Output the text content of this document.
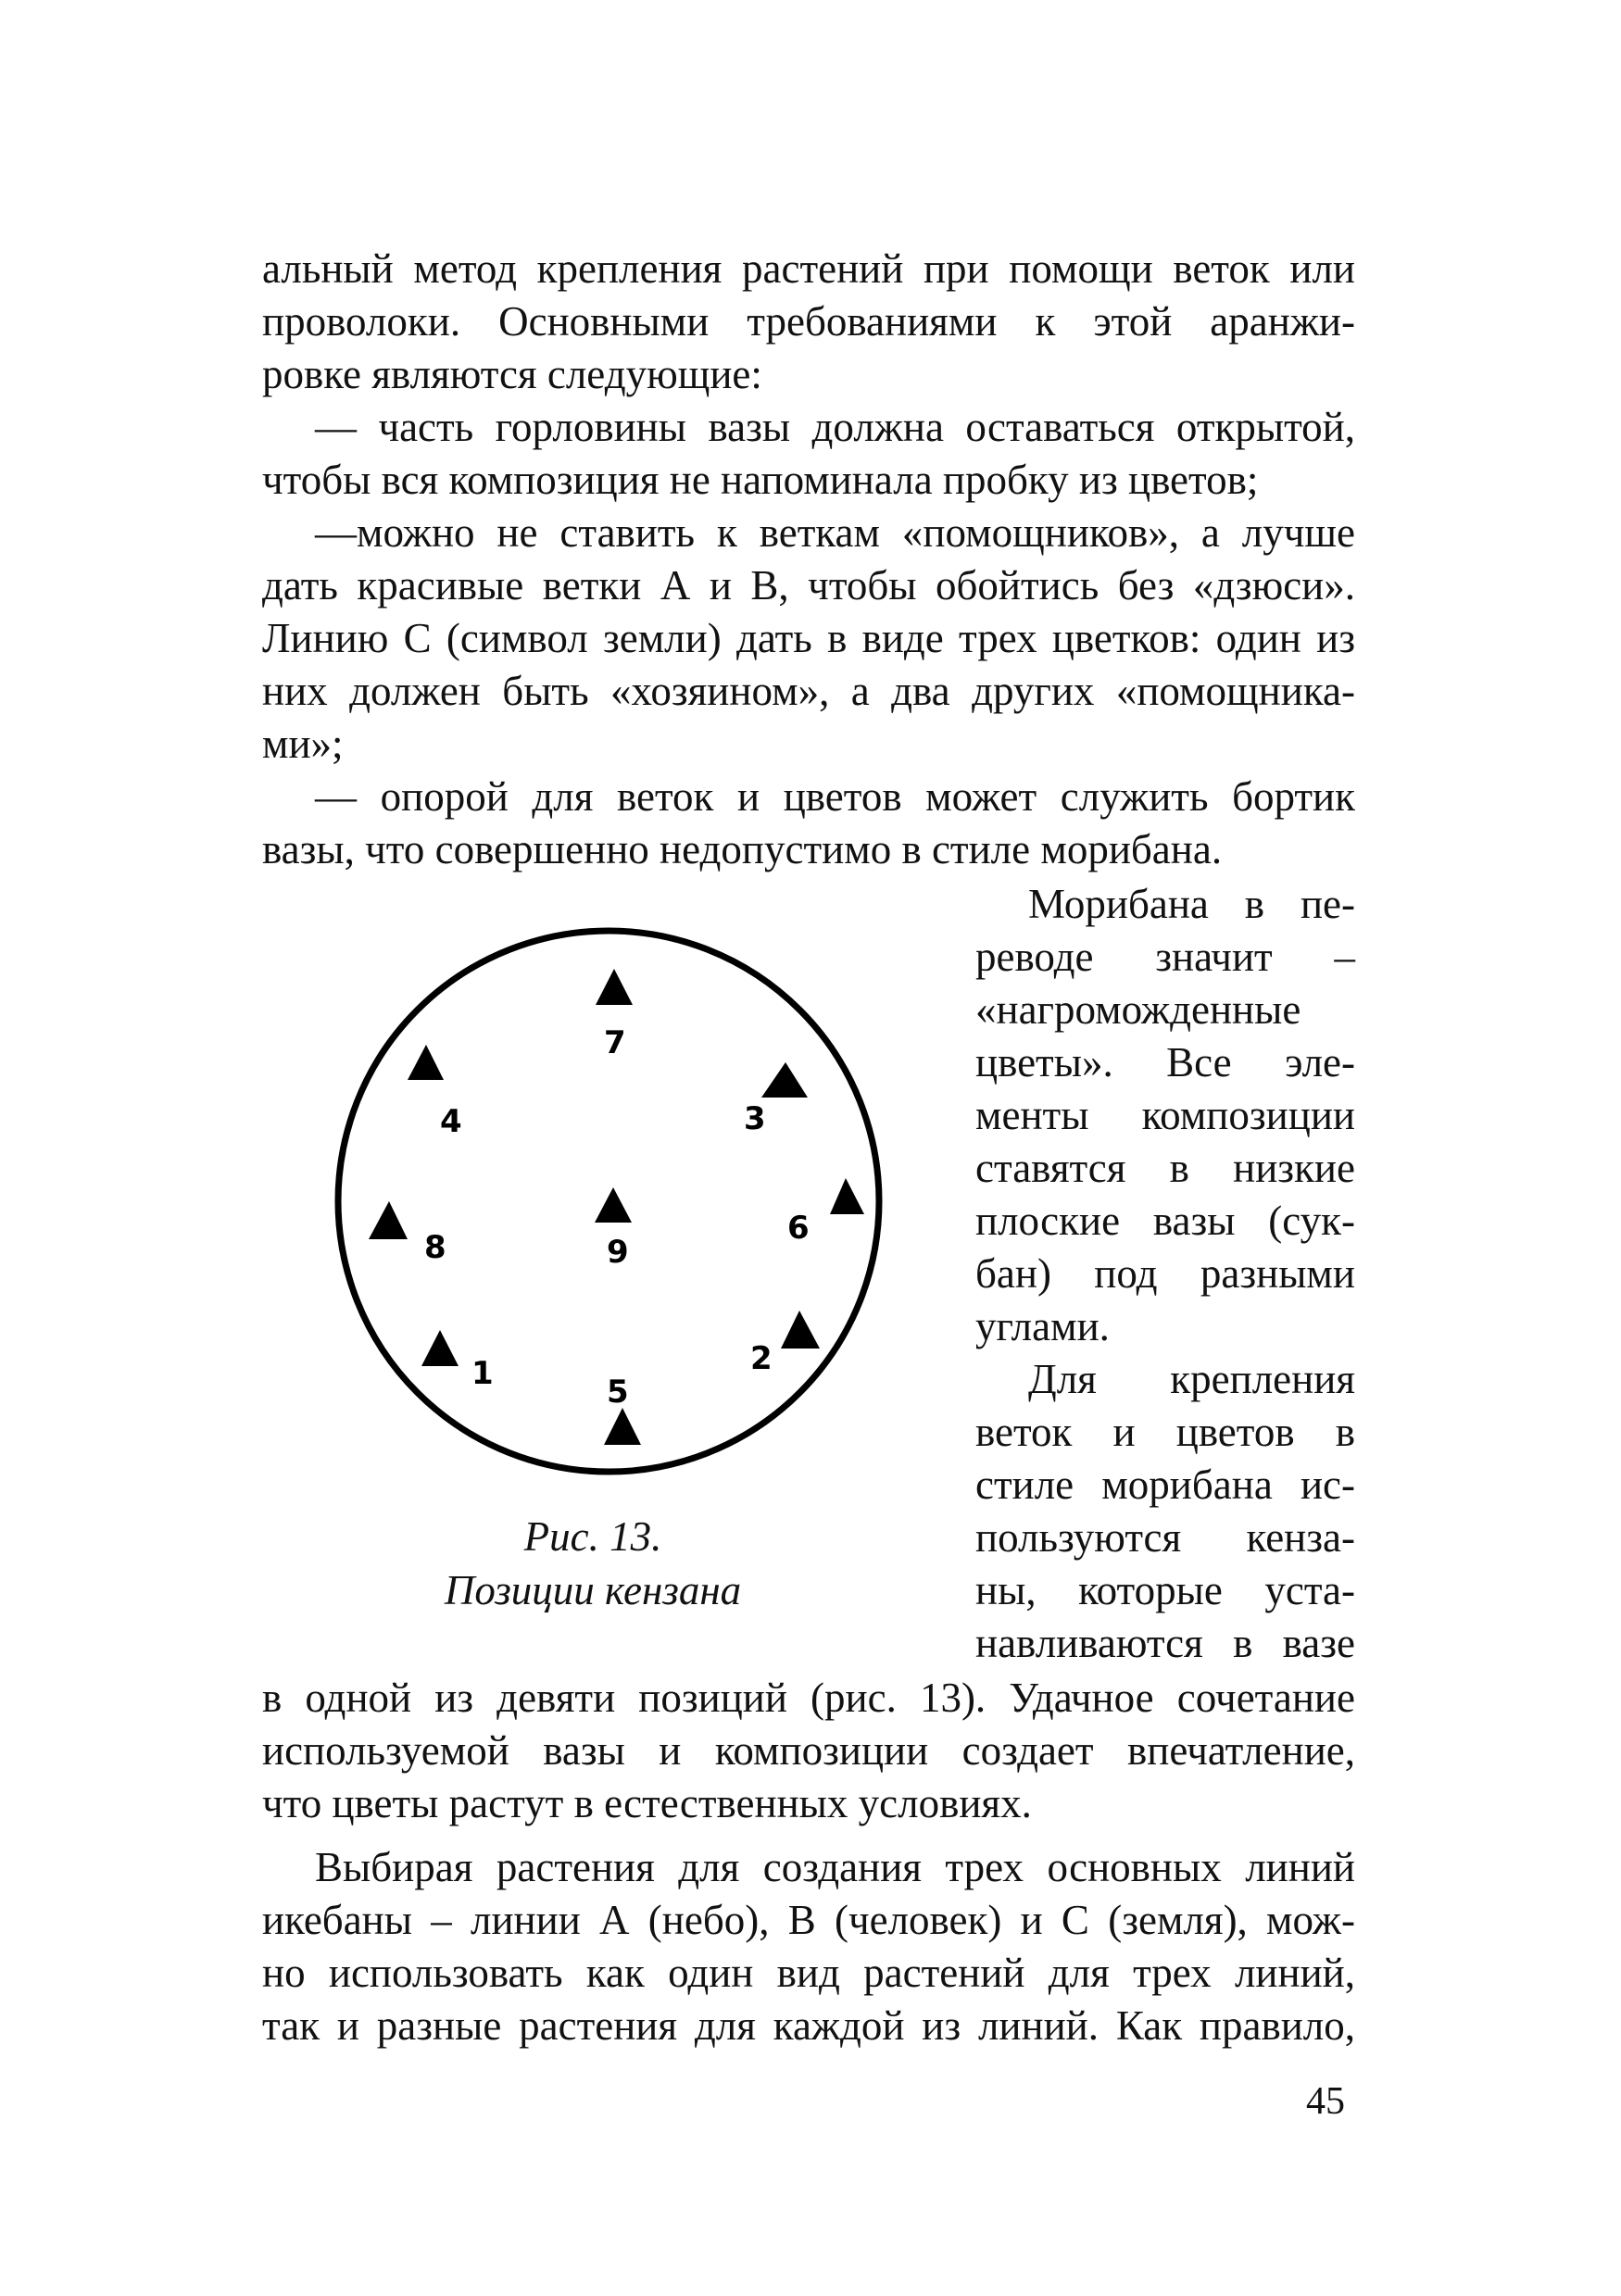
альный метод крепления растений при помощи веток или
проволоки. Основными требованиями к этой аранжи-
ровке являются следующие:
— часть горловины вазы должна оставаться открытой,
чтобы вся композиция не напоминала пробку из цветов;
—можно не ставить к веткам «помощников», а лучше
дать красивые ветки А и В, чтобы обойтись без «дзюси».
Линию С (символ земли) дать в виде трех цветков: один из
них должен быть «хозяином», а два других «помощника-
ми»;
— опорой для веток и цветов может служить бортик
вазы, что совершенно недопустимо в стиле морибана.
7
4	3
8	9
6
1	2
5
Рис. 13.
Позиции кензана
Морибана в пе-
реводе значит –
«нагроможденные
цветы». Все эле-
менты композиции
ставятся в низкие
плоские вазы (сук-
бан) под разными
углами.
Для крепления
веток и цветов в
стиле морибана ис-
пользуются кенза-
ны, которые уста-
навливаются в вазе
в одной из девяти позиций (рис. 13). Удачное сочетание
используемой вазы и композиции создает впечатление,
что цветы растут в естественных условиях.
Выбирая растения для создания трех основных линий
икебаны – линии А (небо), В (человек) и С (земля), мож-
но использовать как один вид растений для трех линий,
так и разные растения для каждой из линий. Как правило,
45
